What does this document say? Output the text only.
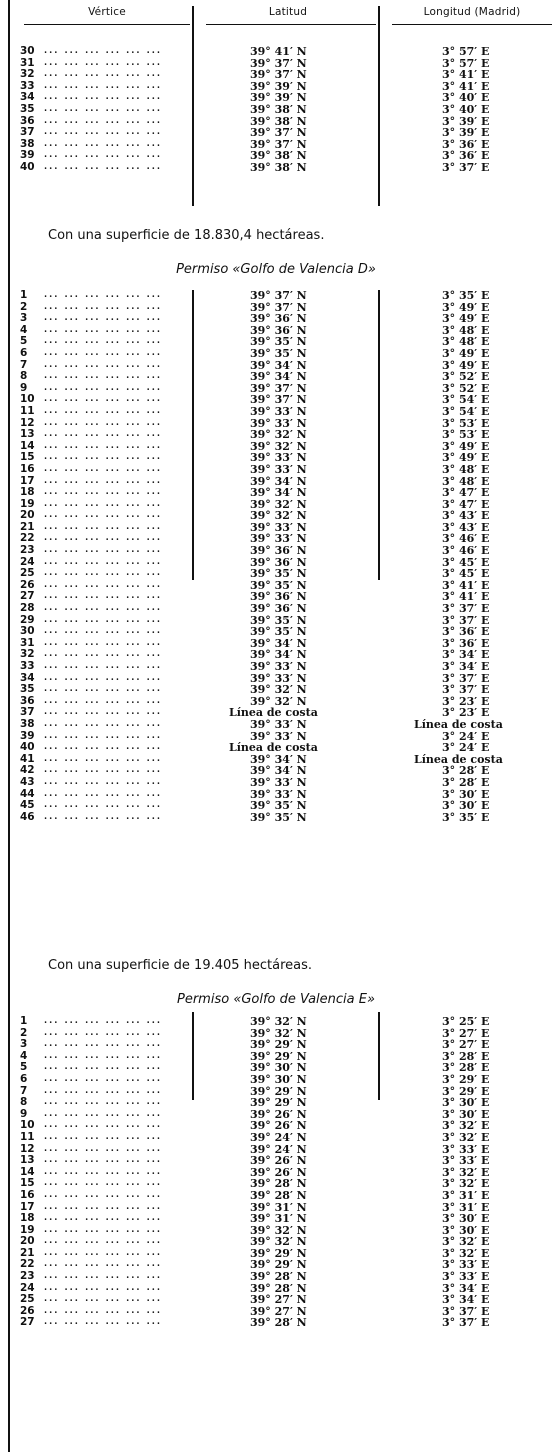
Vértice	Latitud	Longitud (Madrid)
30	... ... ... ... ... ...	39° 41′ N	3° 57′ E
31	... ... ... ... ... ...	39° 37′ N	3° 57′ E
32	... ... ... ... ... ...	39° 37′ N	3° 41′ E
33	... ... ... ... ... ...	39° 39′ N	3° 41′ E
34	... ... ... ... ... ...	39° 39′ N	3° 40′ E
35	... ... ... ... ... ...	39° 38′ N	3° 40′ E
36	... ... ... ... ... ...	39° 38′ N	3° 39′ E
37	... ... ... ... ... ...	39° 37′ N	3° 39′ E
38	... ... ... ... ... ...	39° 37′ N	3° 36′ E
39	... ... ... ... ... ...	39° 38′ N	3° 36′ E
40	... ... ... ... ... ...	39° 38′ N	3° 37′ E
Con una superficie de 18.830,4 hectáreas.
Permiso «Golfo de Valencia D»
1	... ... ... ... ... ...	39° 37′ N	3° 35′ E
2	... ... ... ... ... ...	39° 37′ N	3° 49′ E
3	... ... ... ... ... ...	39° 36′ N	3° 49′ E
4	... ... ... ... ... ...	39° 36′ N	3° 48′ E
5	... ... ... ... ... ...	39° 35′ N	3° 48′ E
6	... ... ... ... ... ...	39° 35′ N	3° 49′ E
7	... ... ... ... ... ...	39° 34′ N	3° 49′ E
8	... ... ... ... ... ...	39° 34′ N	3° 52′ E
9	... ... ... ... ... ...	39° 37′ N	3° 52′ E
10	... ... ... ... ... ...	39° 37′ N	3° 54′ E
11	... ... ... ... ... ...	39° 33′ N	3° 54′ E
12	... ... ... ... ... ...	39° 33′ N	3° 53′ E
13	... ... ... ... ... ...	39° 32′ N	3° 53′ E
14	... ... ... ... ... ...	39° 32′ N	3° 49′ E
15	... ... ... ... ... ...	39° 33′ N	3° 49′ E
16	... ... ... ... ... ...	39° 33′ N	3° 48′ E
17	... ... ... ... ... ...	39° 34′ N	3° 48′ E
18	... ... ... ... ... ...	39° 34′ N	3° 47′ E
19	... ... ... ... ... ...	39° 32′ N	3° 47′ E
20	... ... ... ... ... ...	39° 32′ N	3° 43′ E
21	... ... ... ... ... ...	39° 33′ N	3° 43′ E
22	... ... ... ... ... ...	39° 33′ N	3° 46′ E
23	... ... ... ... ... ...	39° 36′ N	3° 46′ E
24	... ... ... ... ... ...	39° 36′ N	3° 45′ E
25	... ... ... ... ... ...	39° 35′ N	3° 45′ E
26	... ... ... ... ... ...	39° 35′ N	3° 41′ E
27	... ... ... ... ... ...	39° 36′ N	3° 41′ E
28	... ... ... ... ... ...	39° 36′ N	3° 37′ E
29	... ... ... ... ... ...	39° 35′ N	3° 37′ E
30	... ... ... ... ... ...	39° 35′ N	3° 36′ E
31	... ... ... ... ... ...	39° 34′ N	3° 36′ E
32	... ... ... ... ... ...	39° 34′ N	3° 34′ E
33	... ... ... ... ... ...	39° 33′ N	3° 34′ E
34	... ... ... ... ... ...	39° 33′ N	3° 37′ E
35	... ... ... ... ... ...	39° 32′ N	3° 37′ E
36	... ... ... ... ... ...	39° 32′ N	3° 23′ E
37	... ... ... ... ... ...	Línea de costa	3° 23′ E
38	... ... ... ... ... ...	39° 33′ N	Línea de costa
39	... ... ... ... ... ...	39° 33′ N	3° 24′ E
40	... ... ... ... ... ...	Línea de costa	3° 24′ E
41	... ... ... ... ... ...	39° 34′ N	Línea de costa
42	... ... ... ... ... ...	39° 34′ N	3° 28′ E
43	... ... ... ... ... ...	39° 33′ N	3° 28′ E
44	... ... ... ... ... ...	39° 33′ N	3° 30′ E
45	... ... ... ... ... ...	39° 35′ N	3° 30′ E
46	... ... ... ... ... ...	39° 35′ N	3° 35′ E
Con una superficie de 19.405 hectáreas.
Permiso «Golfo de Valencia E»
1	... ... ... ... ... ...	39° 32′ N	3° 25′ E
2	... ... ... ... ... ...	39° 32′ N	3° 27′ E
3	... ... ... ... ... ...	39° 29′ N	3° 27′ E
4	... ... ... ... ... ...	39° 29′ N	3° 28′ E
5	... ... ... ... ... ...	39° 30′ N	3° 28′ E
6	... ... ... ... ... ...	39° 30′ N	3° 29′ E
7	... ... ... ... ... ...	39° 29′ N	3° 29′ E
8	... ... ... ... ... ...	39° 29′ N	3° 30′ E
9	... ... ... ... ... ...	39° 26′ N	3° 30′ E
10	... ... ... ... ... ...	39° 26′ N	3° 32′ E
11	... ... ... ... ... ...	39° 24′ N	3° 32′ E
12	... ... ... ... ... ...	39° 24′ N	3° 33′ E
13	... ... ... ... ... ...	39° 26′ N	3° 33′ E
14	... ... ... ... ... ...	39° 26′ N	3° 32′ E
15	... ... ... ... ... ...	39° 28′ N	3° 32′ E
16	... ... ... ... ... ...	39° 28′ N	3° 31′ E
17	... ... ... ... ... ...	39° 31′ N	3° 31′ E
18	... ... ... ... ... ...	39° 31′ N	3° 30′ E
19	... ... ... ... ... ...	39° 32′ N	3° 30′ E
20	... ... ... ... ... ...	39° 32′ N	3° 32′ E
21	... ... ... ... ... ...	39° 29′ N	3° 32′ E
22	... ... ... ... ... ...	39° 29′ N	3° 33′ E
23	... ... ... ... ... ...	39° 28′ N	3° 33′ E
24	... ... ... ... ... ...	39° 28′ N	3° 34′ E
25	... ... ... ... ... ...	39° 27′ N	3° 34′ E
26	... ... ... ... ... ...	39° 27′ N	3° 37′ E
27	... ... ... ... ... ...	39° 28′ N	3° 37′ E
